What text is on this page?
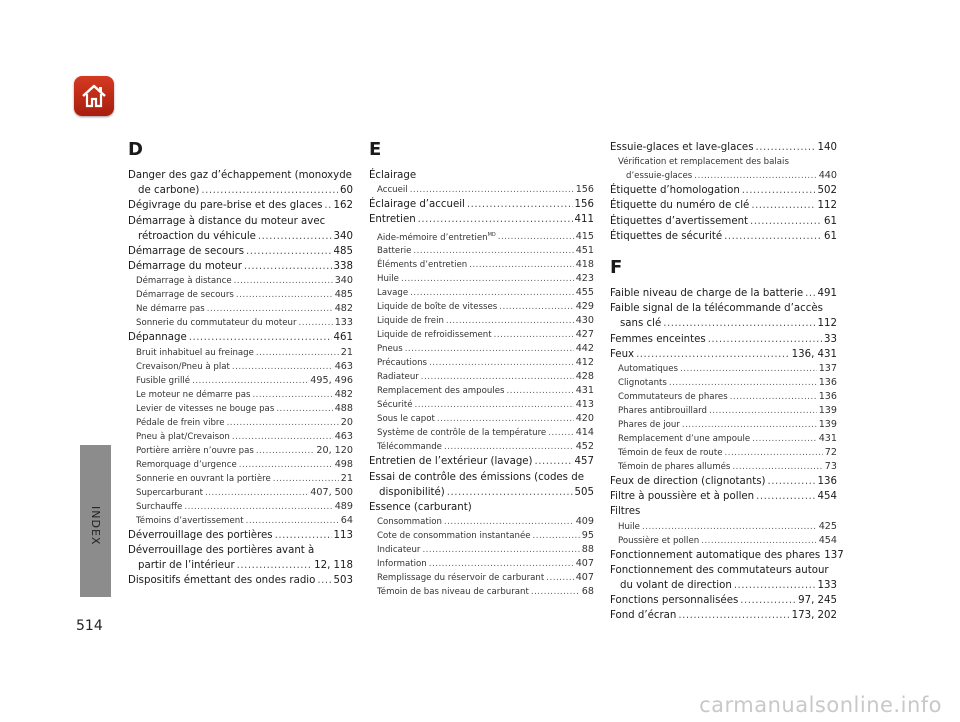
INDEX
514
carmanualsonline.info
D
Danger des gaz d’échappement (monoxyde
de carbone) .....	60
Dégivrage du pare-brise et des glaces ..... 162
Démarrage à distance du moteur avec
rétroaction du véhicule .....	340
Démarrage de secours .....	485
Démarrage du moteur .....	338
Démarrage à distance .....	340
Démarrage de secours .....	485
Ne démarre pas .....	482
Sonnerie du commutateur du moteur .....	133
Dépannage .....	461
Bruit inhabituel au freinage .....	21
Crevaison/Pneu à plat .....	463
Fusible grillé .....	495, 496
Le moteur ne démarre pas .....	482
Levier de vitesses ne bouge pas .....	488
Pédale de frein vibre .....	20
Pneu à plat/Crevaison .....	463
Portière arrière n’ouvre pas .....	20, 120
Remorquage d’urgence .....	498
Sonnerie en ouvrant la portière .....	21
Supercarburant .....	407, 500
Surchauffe .....	489
Témoins d’avertissement .....	64
Déverrouillage des portières .....	113
Déverrouillage des portières avant à
partir de l’intérieur .....	12, 118
Dispositifs émettant des ondes radio ..... 503
E
Éclairage
Accueil .....	156
Éclairage d’accueil .....	156
Entretien .....	411
Aide-mémoire d’entretien$^{MD}$ .....	415
Batterie .....	451
Éléments d’entretien .....	418
Huile .....	423
Lavage .....	455
Liquide de boîte de vitesses .....	429
Liquide de frein .....	430
Liquide de refroidissement .....	427
Pneus .....	442
Précautions .....	412
Radiateur .....	428
Remplacement des ampoules .....	431
Sécurité .....	413
Sous le capot .....	420
Système de contrôle de la température .....	414
Télécommande .....	452
Entretien de l’extérieur (lavage) .....	457
Essai de contrôle des émissions (codes de
disponibilité) .....	505
Essence (carburant)
Consommation .....	409
Cote de consommation instantanée .....	95
Indicateur .....	88
Information .....	407
Remplissage du réservoir de carburant .....	407
Témoin de bas niveau de carburant .....	68
Essuie-glaces et lave-glaces .....	140
Vérification et remplacement des balais
d’essuie-glaces .....	440
Étiquette d’homologation .....	502
Étiquette du numéro de clé .....	112
Étiquettes d’avertissement .....	61
Étiquettes de sécurité .....	61
F
Faible niveau de charge de la batterie ..... 491
Faible signal de la télécommande d’accès
sans clé .....	112
Femmes enceintes .....	33
Feux .....	136, 431
Automatiques .....	137
Clignotants .....	136
Commutateurs de phares .....	136
Phares antibrouillard .....	139
Phares de jour .....	139
Remplacement d’une ampoule .....	431
Témoin de feux de route .....	72
Témoin de phares allumés .....	73
Feux de direction (clignotants) .....	136
Filtre à poussière et à pollen .....	454
Filtres
Huile .....	425
Poussière et pollen .....	454
Fonctionnement automatique des phares 137
Fonctionnement des commutateurs autour
du volant de direction .....	133
Fonctions personnalisées .....	97, 245
Fond d’écran .....	173, 202
